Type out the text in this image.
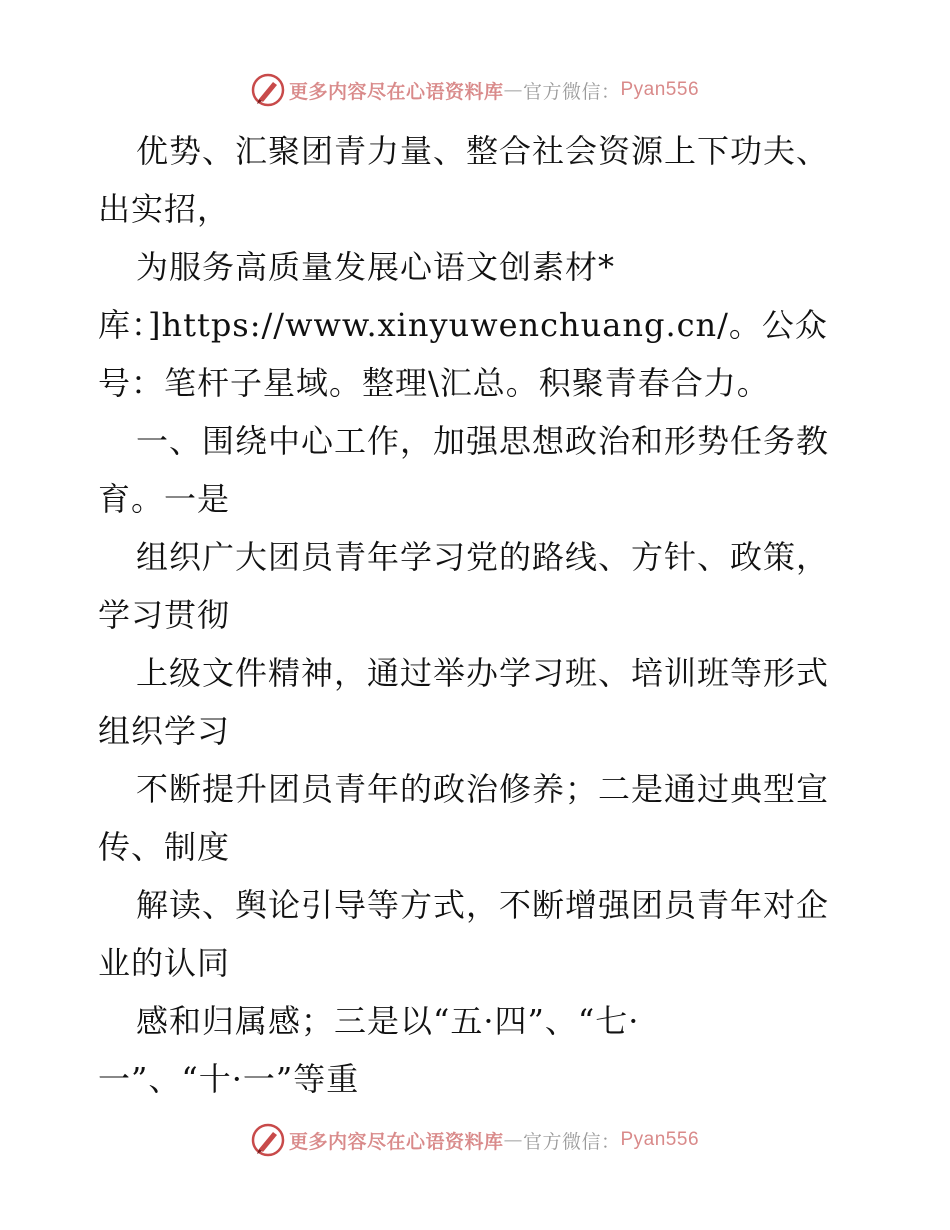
更多内容尽在心语资料库 — 官方微信： Pyan556
优势、汇聚团青力量、整合社会资源上下功夫、
出实招，
为服务高质量发展心语文创素材*
库：]https://www.xinyuwenchuang.cn/。公众
号：笔杆子星域。整理\汇总。积聚青春合力。
一、围绕中心工作，加强思想政治和形势任务教
育。一是
组织广大团员青年学习党的路线、方针、政策，
学习贯彻
上级文件精神，通过举办学习班、培训班等形式
组织学习
不断提升团员青年的政治修养；二是通过典型宣
传、制度
解读、舆论引导等方式，不断增强团员青年对企
业的认同
感和归属感；三是以“五·四”、“七·
一”、“十·一”等重
更多内容尽在心语资料库 — 官方微信： Pyan556
